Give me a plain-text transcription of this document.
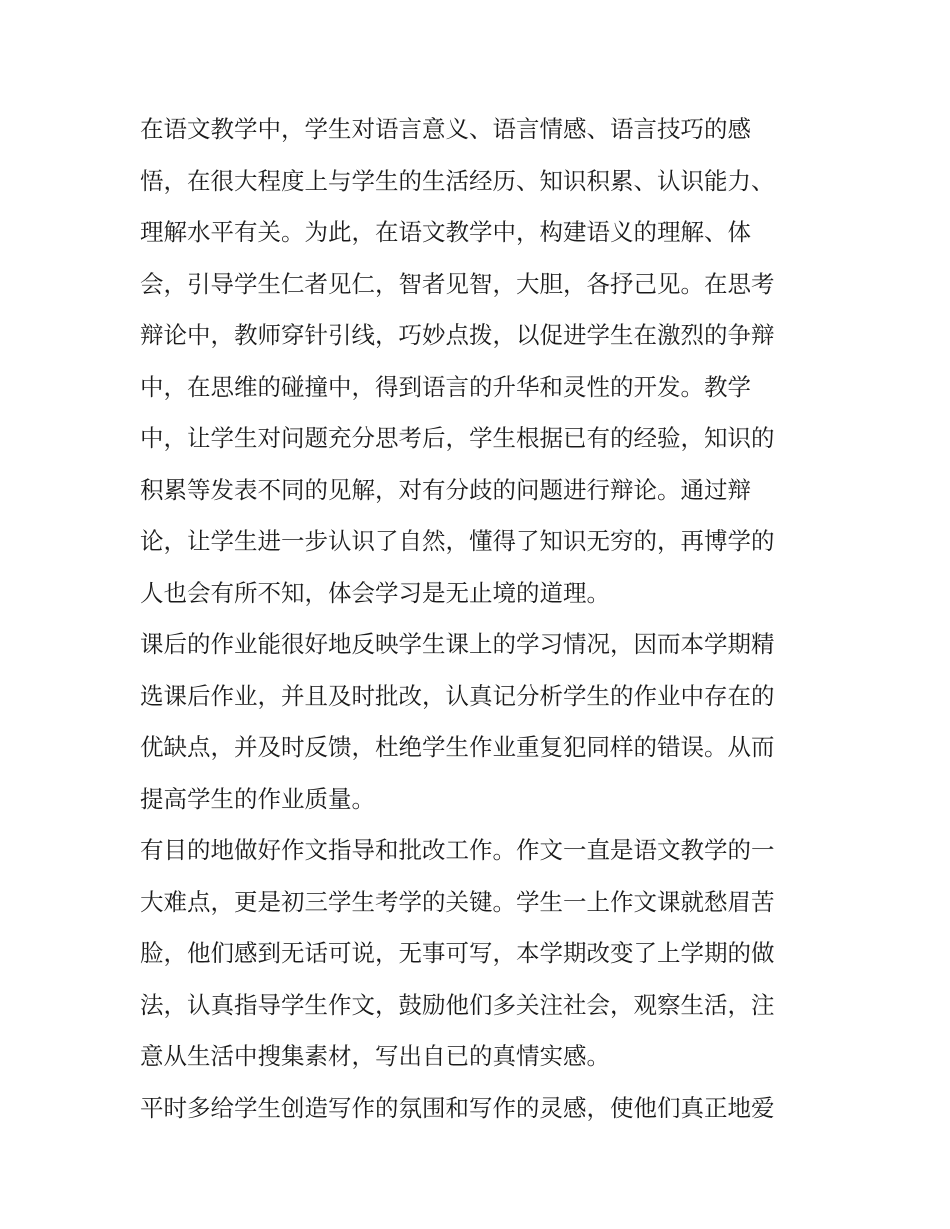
在语文教学中，学生对语言意义、语言情感、语言技巧的感
悟，在很大程度上与学生的生活经历、知识积累、认识能力、
理解水平有关。为此，在语文教学中，构建语义的理解、体
会，引导学生仁者见仁，智者见智，大胆，各抒己见。在思考
辩论中，教师穿针引线，巧妙点拨，以促进学生在激烈的争辩
中，在思维的碰撞中，得到语言的升华和灵性的开发。教学
中，让学生对问题充分思考后，学生根据已有的经验，知识的
积累等发表不同的见解，对有分歧的问题进行辩论。通过辩
论，让学生进一步认识了自然，懂得了知识无穷的，再博学的
人也会有所不知，体会学习是无止境的道理。
课后的作业能很好地反映学生课上的学习情况，因而本学期精
选课后作业，并且及时批改，认真记分析学生的作业中存在的
优缺点，并及时反馈，杜绝学生作业重复犯同样的错误。从而
提高学生的作业质量。
有目的地做好作文指导和批改工作。作文一直是语文教学的一
大难点，更是初三学生考学的关键。学生一上作文课就愁眉苦
脸，他们感到无话可说，无事可写，本学期改变了上学期的做
法，认真指导学生作文，鼓励他们多关注社会，观察生活，注
意从生活中搜集素材，写出自已的真情实感。
平时多给学生创造写作的氛围和写作的灵感，使他们真正地爱
